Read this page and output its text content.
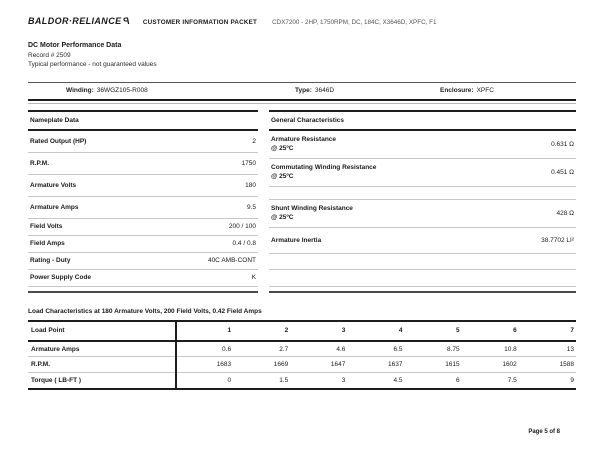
BALDOR·RELIANCEP CUSTOMER INFORMATION PACKET CDX7200 - 2HP, 1750RPM, DC, 184C, X3646D, XPFC, F1
DC Motor Performance Data
Record # 2509
Typical performance - not guaranteed values
Winding: 36WGZ105-R008	Type: 3646D	Enclosure: XPFC
Nameplate Data
Rated Output (HP)	2
R.P.M.	1750
Armature Volts	180
Armature Amps	9.5
Field Volts	200 / 100
Field Amps	0.4 / 0.8
Rating - Duty	40C AMB-CONT
Power Supply Code	K
General Characteristics
Armature Resistance
@ 25ºC
0.631 Ω
Commutating Winding Resistance
@ 25ºC
0.451 Ω
Shunt Winding Resistance
@ 25ºC
428 Ω
Armature Inertia	38.7702 LI²
Load Characteristics at 180 Armature Volts, 200 Field Volts, 0.42 Field Amps
Load Point	1	2	3	4	5	6	7
Armature Amps	0.6	2.7	4.6	6.5	8.75	10.8	13
R.P.M.	1683	1669	1647	1637	1615	1602	1588
Torque ( LB-FT )	0	1.5	3	4.5	6	7.5	9
Page 5 of 8
